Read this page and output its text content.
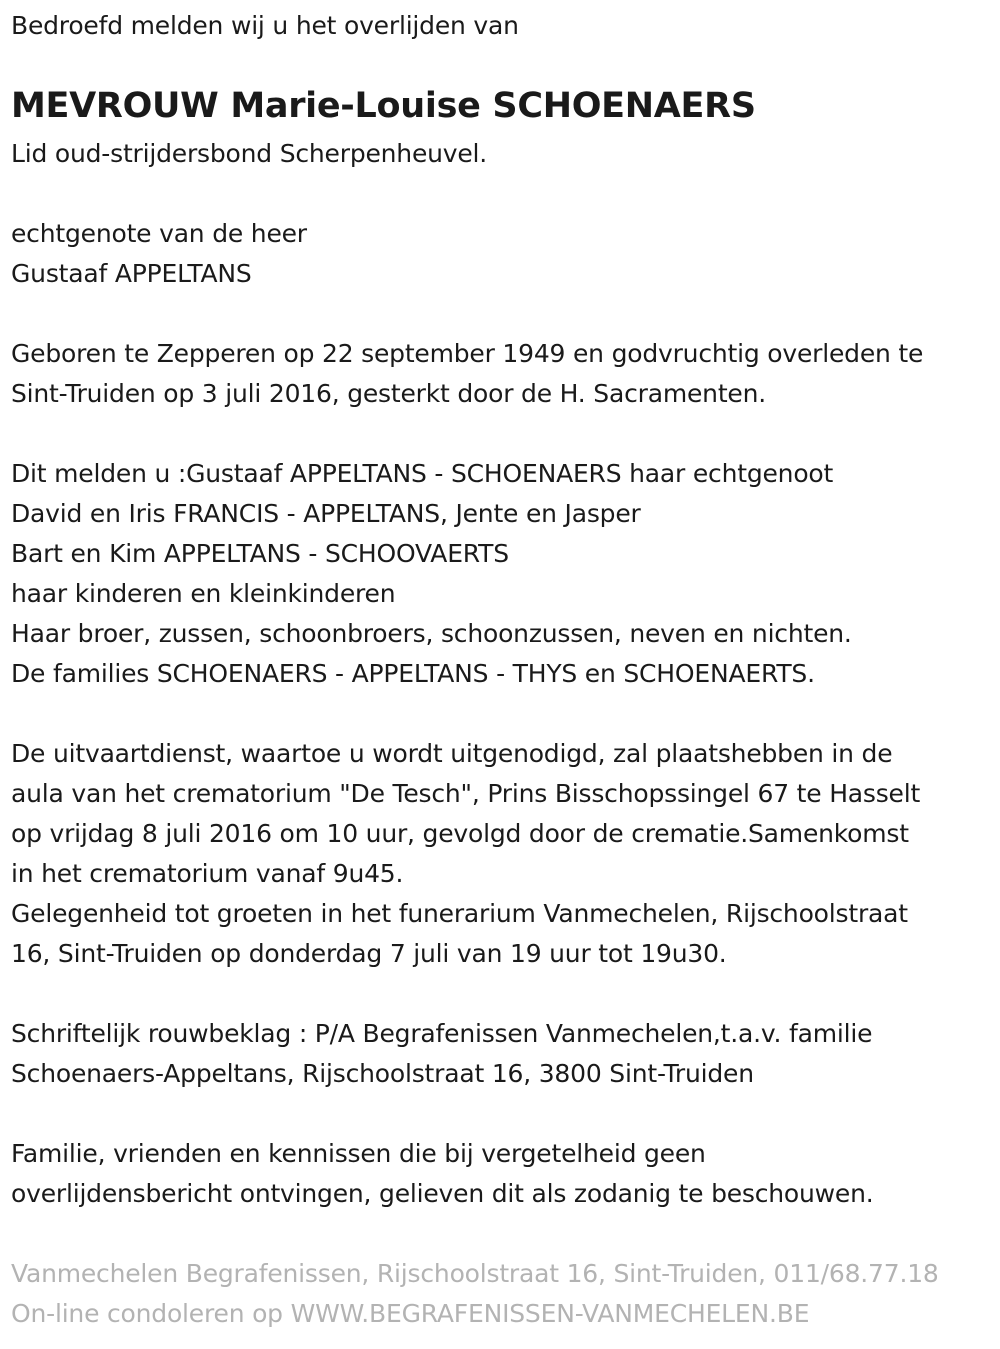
Bedroefd melden wij u het overlijden van
MEVROUW Marie-Louise SCHOENAERS
Lid oud-strijdersbond Scherpenheuvel.
echtgenote van de heer
Gustaaf APPELTANS
Geboren te Zepperen op 22 september 1949 en godvruchtig overleden te
Sint-Truiden op 3 juli 2016, gesterkt door de H. Sacramenten.
Dit melden u :Gustaaf APPELTANS - SCHOENAERS haar echtgenoot
David en Iris FRANCIS - APPELTANS, Jente en Jasper
Bart en Kim APPELTANS - SCHOOVAERTS
haar kinderen en kleinkinderen
Haar broer, zussen, schoonbroers, schoonzussen, neven en nichten.
De families SCHOENAERS - APPELTANS - THYS en SCHOENAERTS.
De uitvaartdienst, waartoe u wordt uitgenodigd, zal plaatshebben in de
aula van het crematorium "De Tesch", Prins Bisschopssingel 67 te Hasselt
op vrijdag 8 juli 2016 om 10 uur, gevolgd door de crematie.Samenkomst
in het crematorium vanaf 9u45.
Gelegenheid tot groeten in het funerarium Vanmechelen, Rijschoolstraat
16, Sint-Truiden op donderdag 7 juli van 19 uur tot 19u30.
Schriftelijk rouwbeklag : P/A Begrafenissen Vanmechelen,t.a.v. familie
Schoenaers-Appeltans, Rijschoolstraat 16, 3800 Sint-Truiden
Familie, vrienden en kennissen die bij vergetelheid geen
overlijdensbericht ontvingen, gelieven dit als zodanig te beschouwen.
Vanmechelen Begrafenissen, Rijschoolstraat 16, Sint-Truiden, 011/68.77.18
On-line condoleren op WWW.BEGRAFENISSEN-VANMECHELEN.BE
